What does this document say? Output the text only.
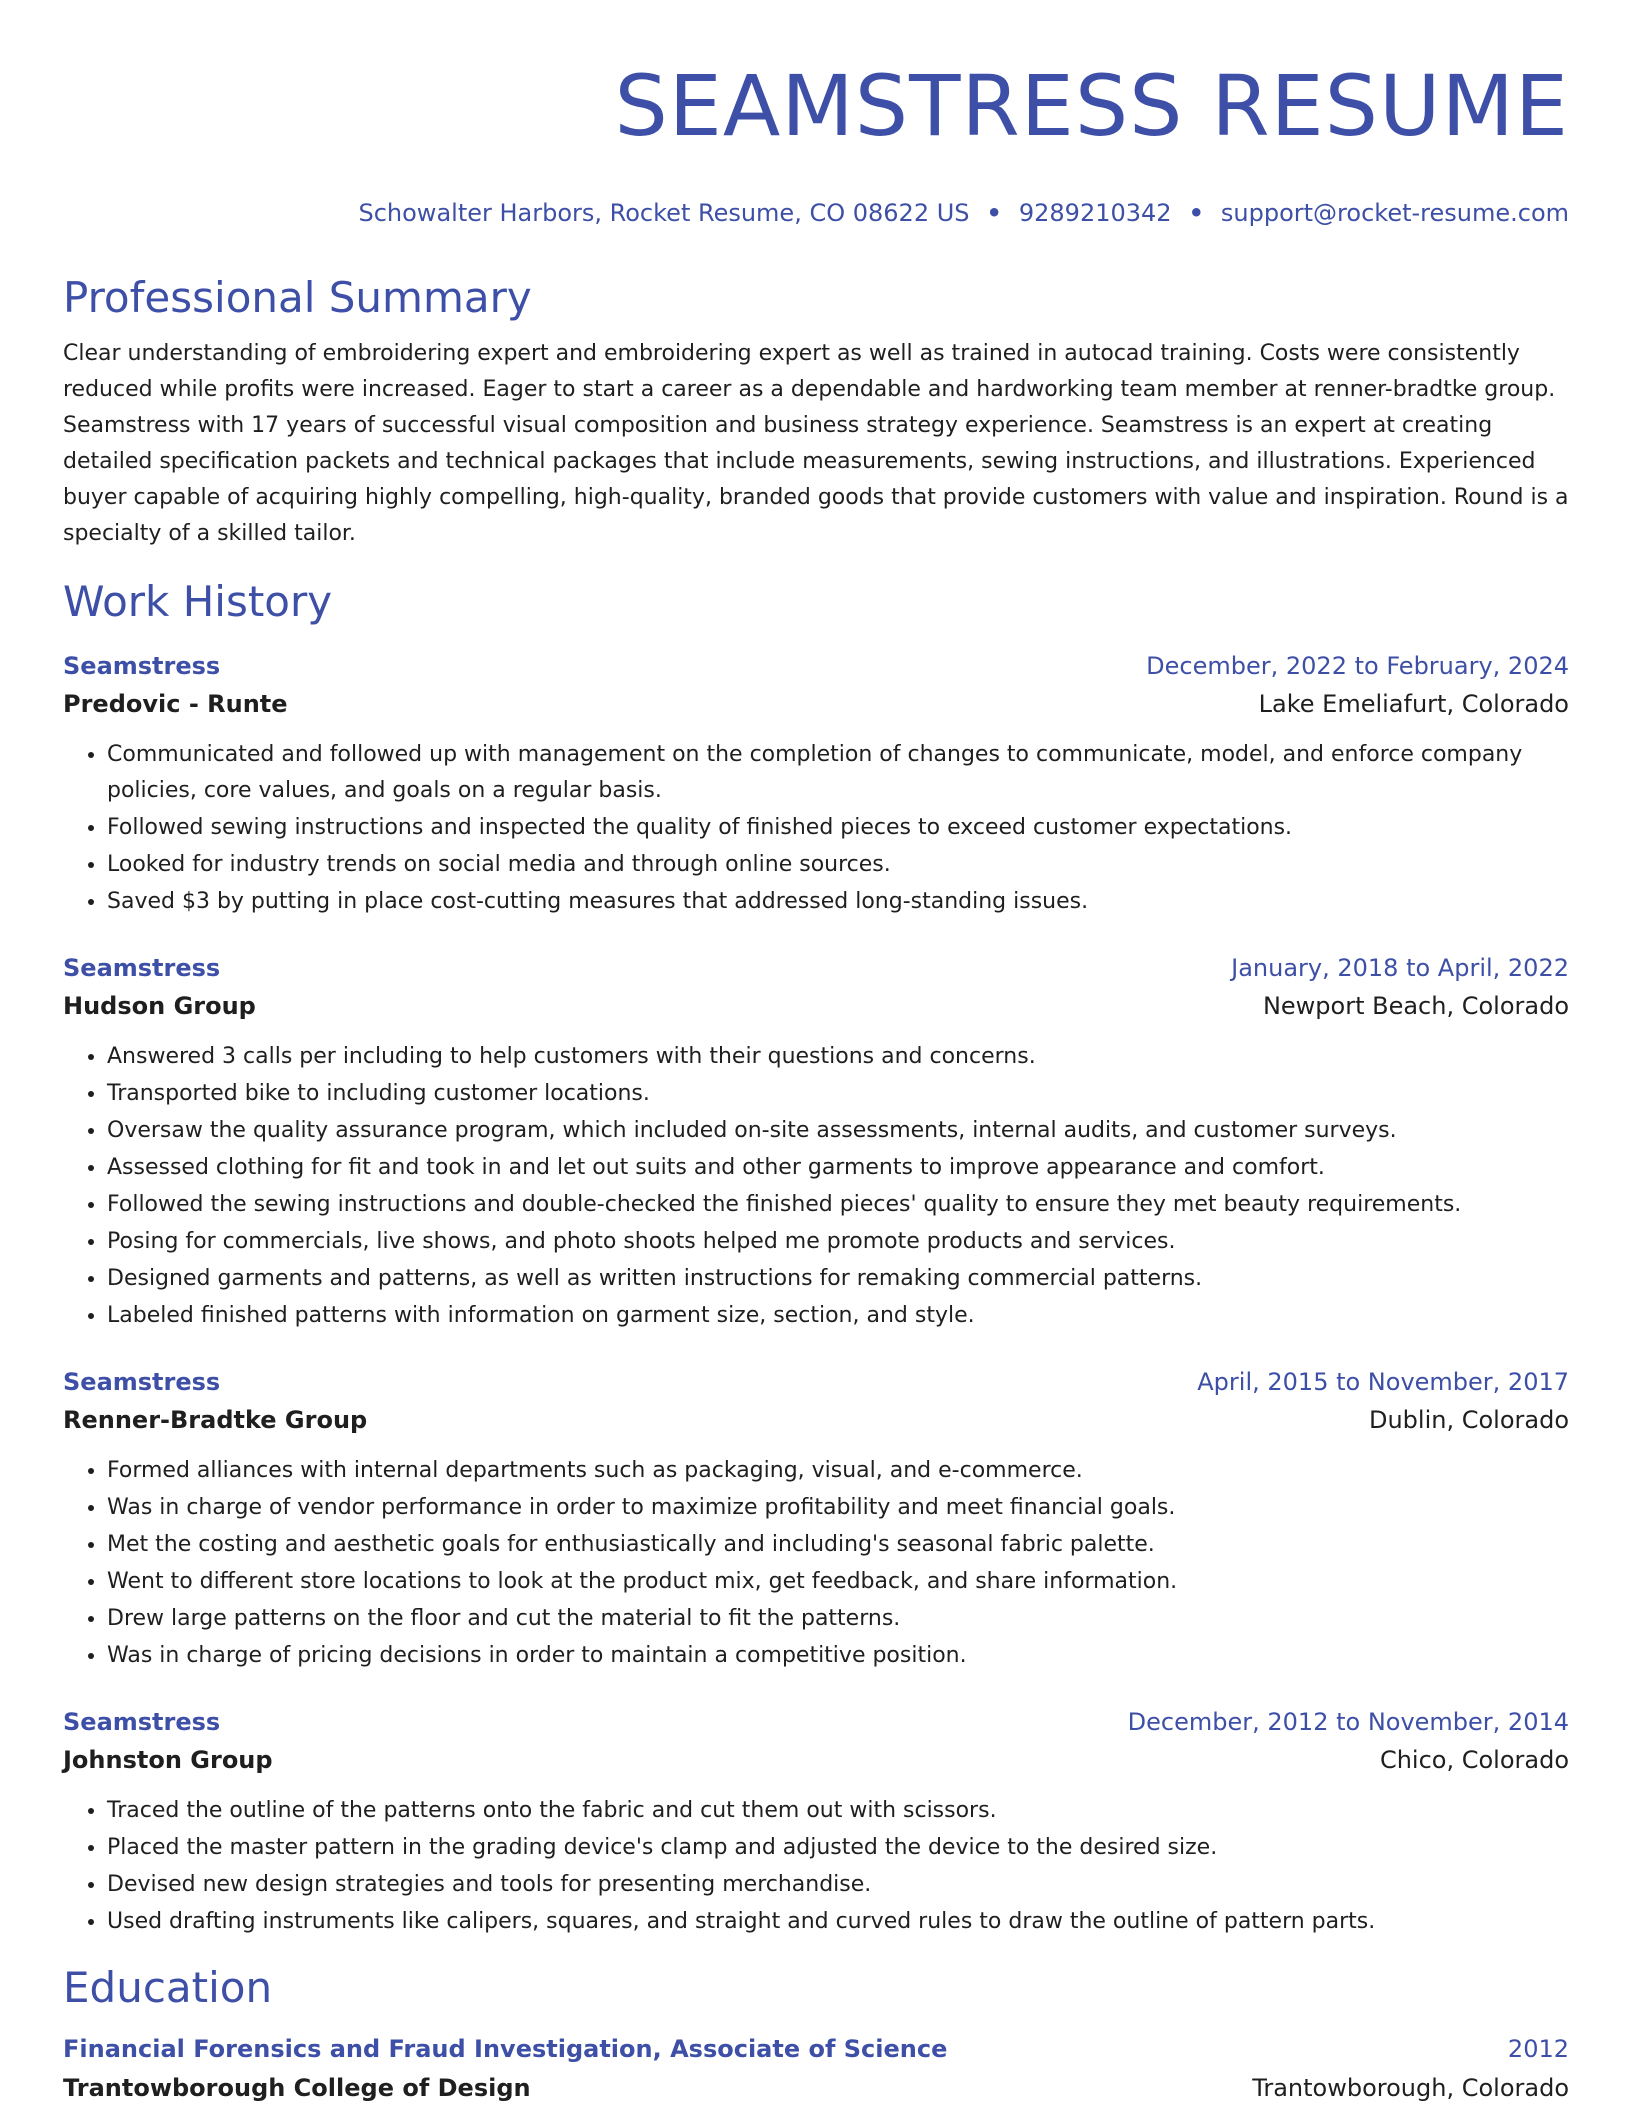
SEAMSTRESS RESUME
Schowalter Harbors, Rocket Resume, CO 08622 US • 9289210342 • support@rocket-resume.com
Professional Summary

Clear understanding of embroidering expert and embroidering expert as well as trained in autocad training. Costs were consistently reduced while profits were increased. Eager to start a career as a dependable and hardworking team member at renner-bradtke group. Seamstress with 17 years of successful visual composition and business strategy experience. Seamstress is an expert at creating detailed specification packets and technical packages that include measurements, sewing instructions, and illustrations. Experienced buyer capable of acquiring highly compelling, high-quality, branded goods that provide customers with value and inspiration. Round is a specialty of a skilled tailor.

Work History
Seamstress	December, 2022 to February, 2024
Predovic - Runte	Lake Emeliafurt, Colorado
• Communicated and followed up with management on the completion of changes to communicate, model, and enforce company policies, core values, and goals on a regular basis.
• Followed sewing instructions and inspected the quality of finished pieces to exceed customer expectations.
• Looked for industry trends on social media and through online sources.
• Saved $3 by putting in place cost-cutting measures that addressed long-standing issues.
Seamstress	January, 2018 to April, 2022
Hudson Group	Newport Beach, Colorado
• Answered 3 calls per including to help customers with their questions and concerns.
• Transported bike to including customer locations.
• Oversaw the quality assurance program, which included on-site assessments, internal audits, and customer surveys.
• Assessed clothing for fit and took in and let out suits and other garments to improve appearance and comfort.
• Followed the sewing instructions and double-checked the finished pieces' quality to ensure they met beauty requirements.
• Posing for commercials, live shows, and photo shoots helped me promote products and services.
• Designed garments and patterns, as well as written instructions for remaking commercial patterns.
• Labeled finished patterns with information on garment size, section, and style.
Seamstress	April, 2015 to November, 2017
Renner-Bradtke Group	Dublin, Colorado
• Formed alliances with internal departments such as packaging, visual, and e-commerce.
• Was in charge of vendor performance in order to maximize profitability and meet financial goals.
• Met the costing and aesthetic goals for enthusiastically and including's seasonal fabric palette.
• Went to different store locations to look at the product mix, get feedback, and share information.
• Drew large patterns on the floor and cut the material to fit the patterns.
• Was in charge of pricing decisions in order to maintain a competitive position.
Seamstress	December, 2012 to November, 2014
Johnston Group	Chico, Colorado
• Traced the outline of the patterns onto the fabric and cut them out with scissors.
• Placed the master pattern in the grading device's clamp and adjusted the device to the desired size.
• Devised new design strategies and tools for presenting merchandise.
• Used drafting instruments like calipers, squares, and straight and curved rules to draw the outline of pattern parts.
Education
Financial Forensics and Fraud Investigation, Associate of Science	2012
Trantowborough College of Design	Trantowborough, Colorado
